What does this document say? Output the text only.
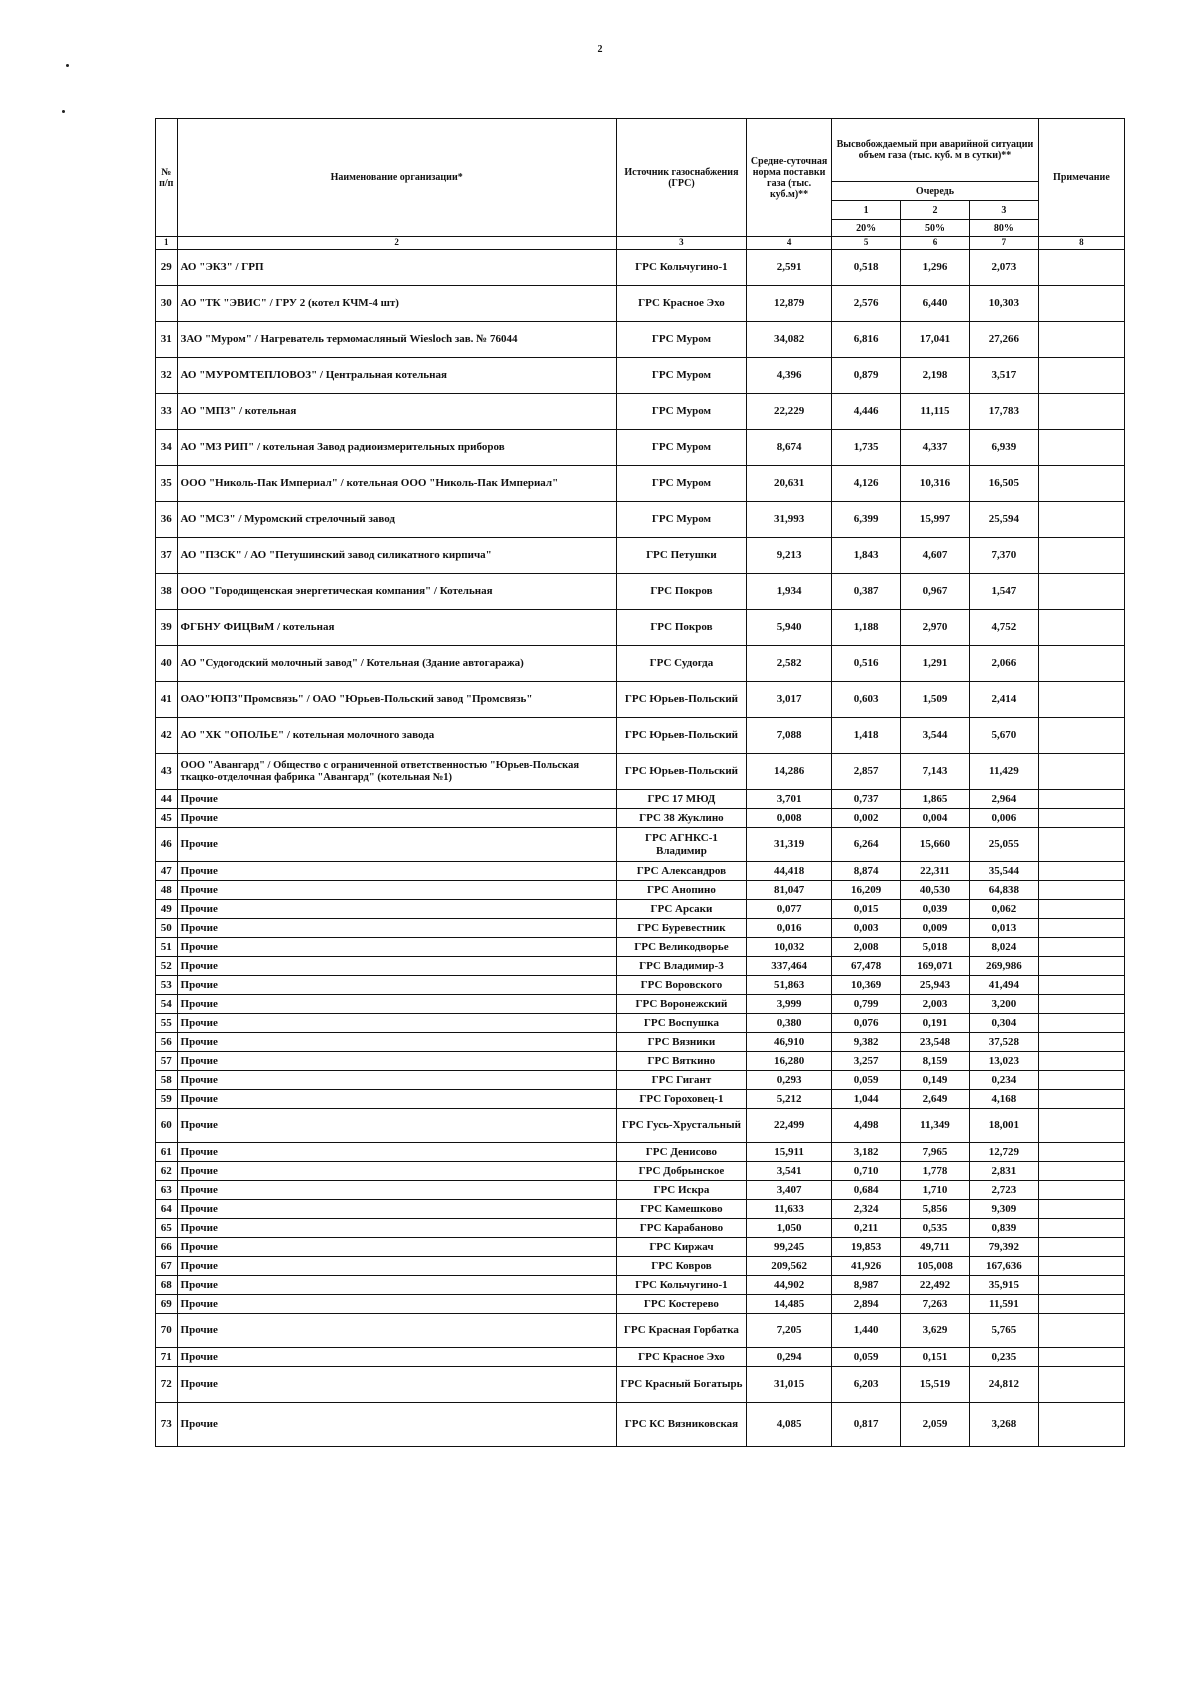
2
№ п/п	Наименование организации*	Источник газоснабжения (ГРС)	Средне-суточная норма поставки газа (тыс. куб.м)**	Высвобождаемый при аварийной ситуации объем газа (тыс. куб. м в сутки)**			Примечание
				Очередь			
				1	2	3	
				20%	50%	80%	
1	2	3	4	5	6	7	8
29	АО "ЭКЗ" / ГРП	ГРС Кольчугино-1	2,591	0,518	1,296	2,073	
30	АО "ТК "ЭВИС" / ГРУ 2 (котел КЧМ-4 шт)	ГРС Красное Эхо	12,879	2,576	6,440	10,303	
31	ЗАО "Муром" / Нагреватель термомасляный Wiesloch зав. № 76044	ГРС Муром	34,082	6,816	17,041	27,266	
32	АО "МУРОМТЕПЛОВОЗ" / Центральная котельная	ГРС Муром	4,396	0,879	2,198	3,517	
33	АО "МПЗ" / котельная	ГРС Муром	22,229	4,446	11,115	17,783	
34	АО "МЗ РИП" / котельная Завод радиоизмерительных приборов	ГРС Муром	8,674	1,735	4,337	6,939	
35	ООО "Николь-Пак Империал" / котельная ООО "Николь-Пак Империал"	ГРС Муром	20,631	4,126	10,316	16,505	
36	АО "МСЗ" / Муромский стрелочный завод	ГРС Муром	31,993	6,399	15,997	25,594	
37	АО "ПЗСК" / АО "Петушинский завод силикатного кирпича"	ГРС Петушки	9,213	1,843	4,607	7,370	
38	ООО "Городищенская энергетическая компания" / Котельная	ГРС Покров	1,934	0,387	0,967	1,547	
39	ФГБНУ ФИЦВиМ / котельная	ГРС Покров	5,940	1,188	2,970	4,752	
40	АО "Судогодский молочный завод" / Котельная (Здание автогаража)	ГРС Судогда	2,582	0,516	1,291	2,066	
41	ОАО"ЮПЗ"Промсвязь" / ОАО "Юрьев-Польский завод "Промсвязь"	ГРС Юрьев-Польский	3,017	0,603	1,509	2,414	
42	АО "ХК "ОПОЛЬЕ" / котельная молочного завода	ГРС Юрьев-Польский	7,088	1,418	3,544	5,670	
43	ООО "Авангард" / Общество с ограниченной ответственностью "Юрьев-Польская ткацко-отделочная фабрика "Авангард" (котельная №1)	ГРС Юрьев-Польский	14,286	2,857	7,143	11,429	
44	Прочие	ГРС 17 МЮД	3,701	0,737	1,865	2,964	
45	Прочие	ГРС 38 Жуклино	0,008	0,002	0,004	0,006	
46	Прочие	ГРС АГНКС-1 Владимир	31,319	6,264	15,660	25,055	
47	Прочие	ГРС Александров	44,418	8,874	22,311	35,544	
48	Прочие	ГРС Анопино	81,047	16,209	40,530	64,838	
49	Прочие	ГРС Арсаки	0,077	0,015	0,039	0,062	
50	Прочие	ГРС Буревестник	0,016	0,003	0,009	0,013	
51	Прочие	ГРС Великодворье	10,032	2,008	5,018	8,024	
52	Прочие	ГРС Владимир-3	337,464	67,478	169,071	269,986	
53	Прочие	ГРС Воровского	51,863	10,369	25,943	41,494	
54	Прочие	ГРС Воронежский	3,999	0,799	2,003	3,200	
55	Прочие	ГРС Воспушка	0,380	0,076	0,191	0,304	
56	Прочие	ГРС Вязники	46,910	9,382	23,548	37,528	
57	Прочие	ГРС Вяткино	16,280	3,257	8,159	13,023	
58	Прочие	ГРС Гигант	0,293	0,059	0,149	0,234	
59	Прочие	ГРС Гороховец-1	5,212	1,044	2,649	4,168	
60	Прочие	ГРС Гусь-Хрустальный	22,499	4,498	11,349	18,001	
61	Прочие	ГРС Денисово	15,911	3,182	7,965	12,729	
62	Прочие	ГРС Добрынское	3,541	0,710	1,778	2,831	
63	Прочие	ГРС Искра	3,407	0,684	1,710	2,723	
64	Прочие	ГРС Камешково	11,633	2,324	5,856	9,309	
65	Прочие	ГРС Карабаново	1,050	0,211	0,535	0,839	
66	Прочие	ГРС Киржач	99,245	19,853	49,711	79,392	
67	Прочие	ГРС Ковров	209,562	41,926	105,008	167,636	
68	Прочие	ГРС Кольчугино-1	44,902	8,987	22,492	35,915	
69	Прочие	ГРС Костерево	14,485	2,894	7,263	11,591	
70	Прочие	ГРС Красная Горбатка	7,205	1,440	3,629	5,765	
71	Прочие	ГРС Красное Эхо	0,294	0,059	0,151	0,235	
72	Прочие	ГРС Красный Богатырь	31,015	6,203	15,519	24,812	
73	Прочие	ГРС КС Вязниковская	4,085	0,817	2,059	3,268	
